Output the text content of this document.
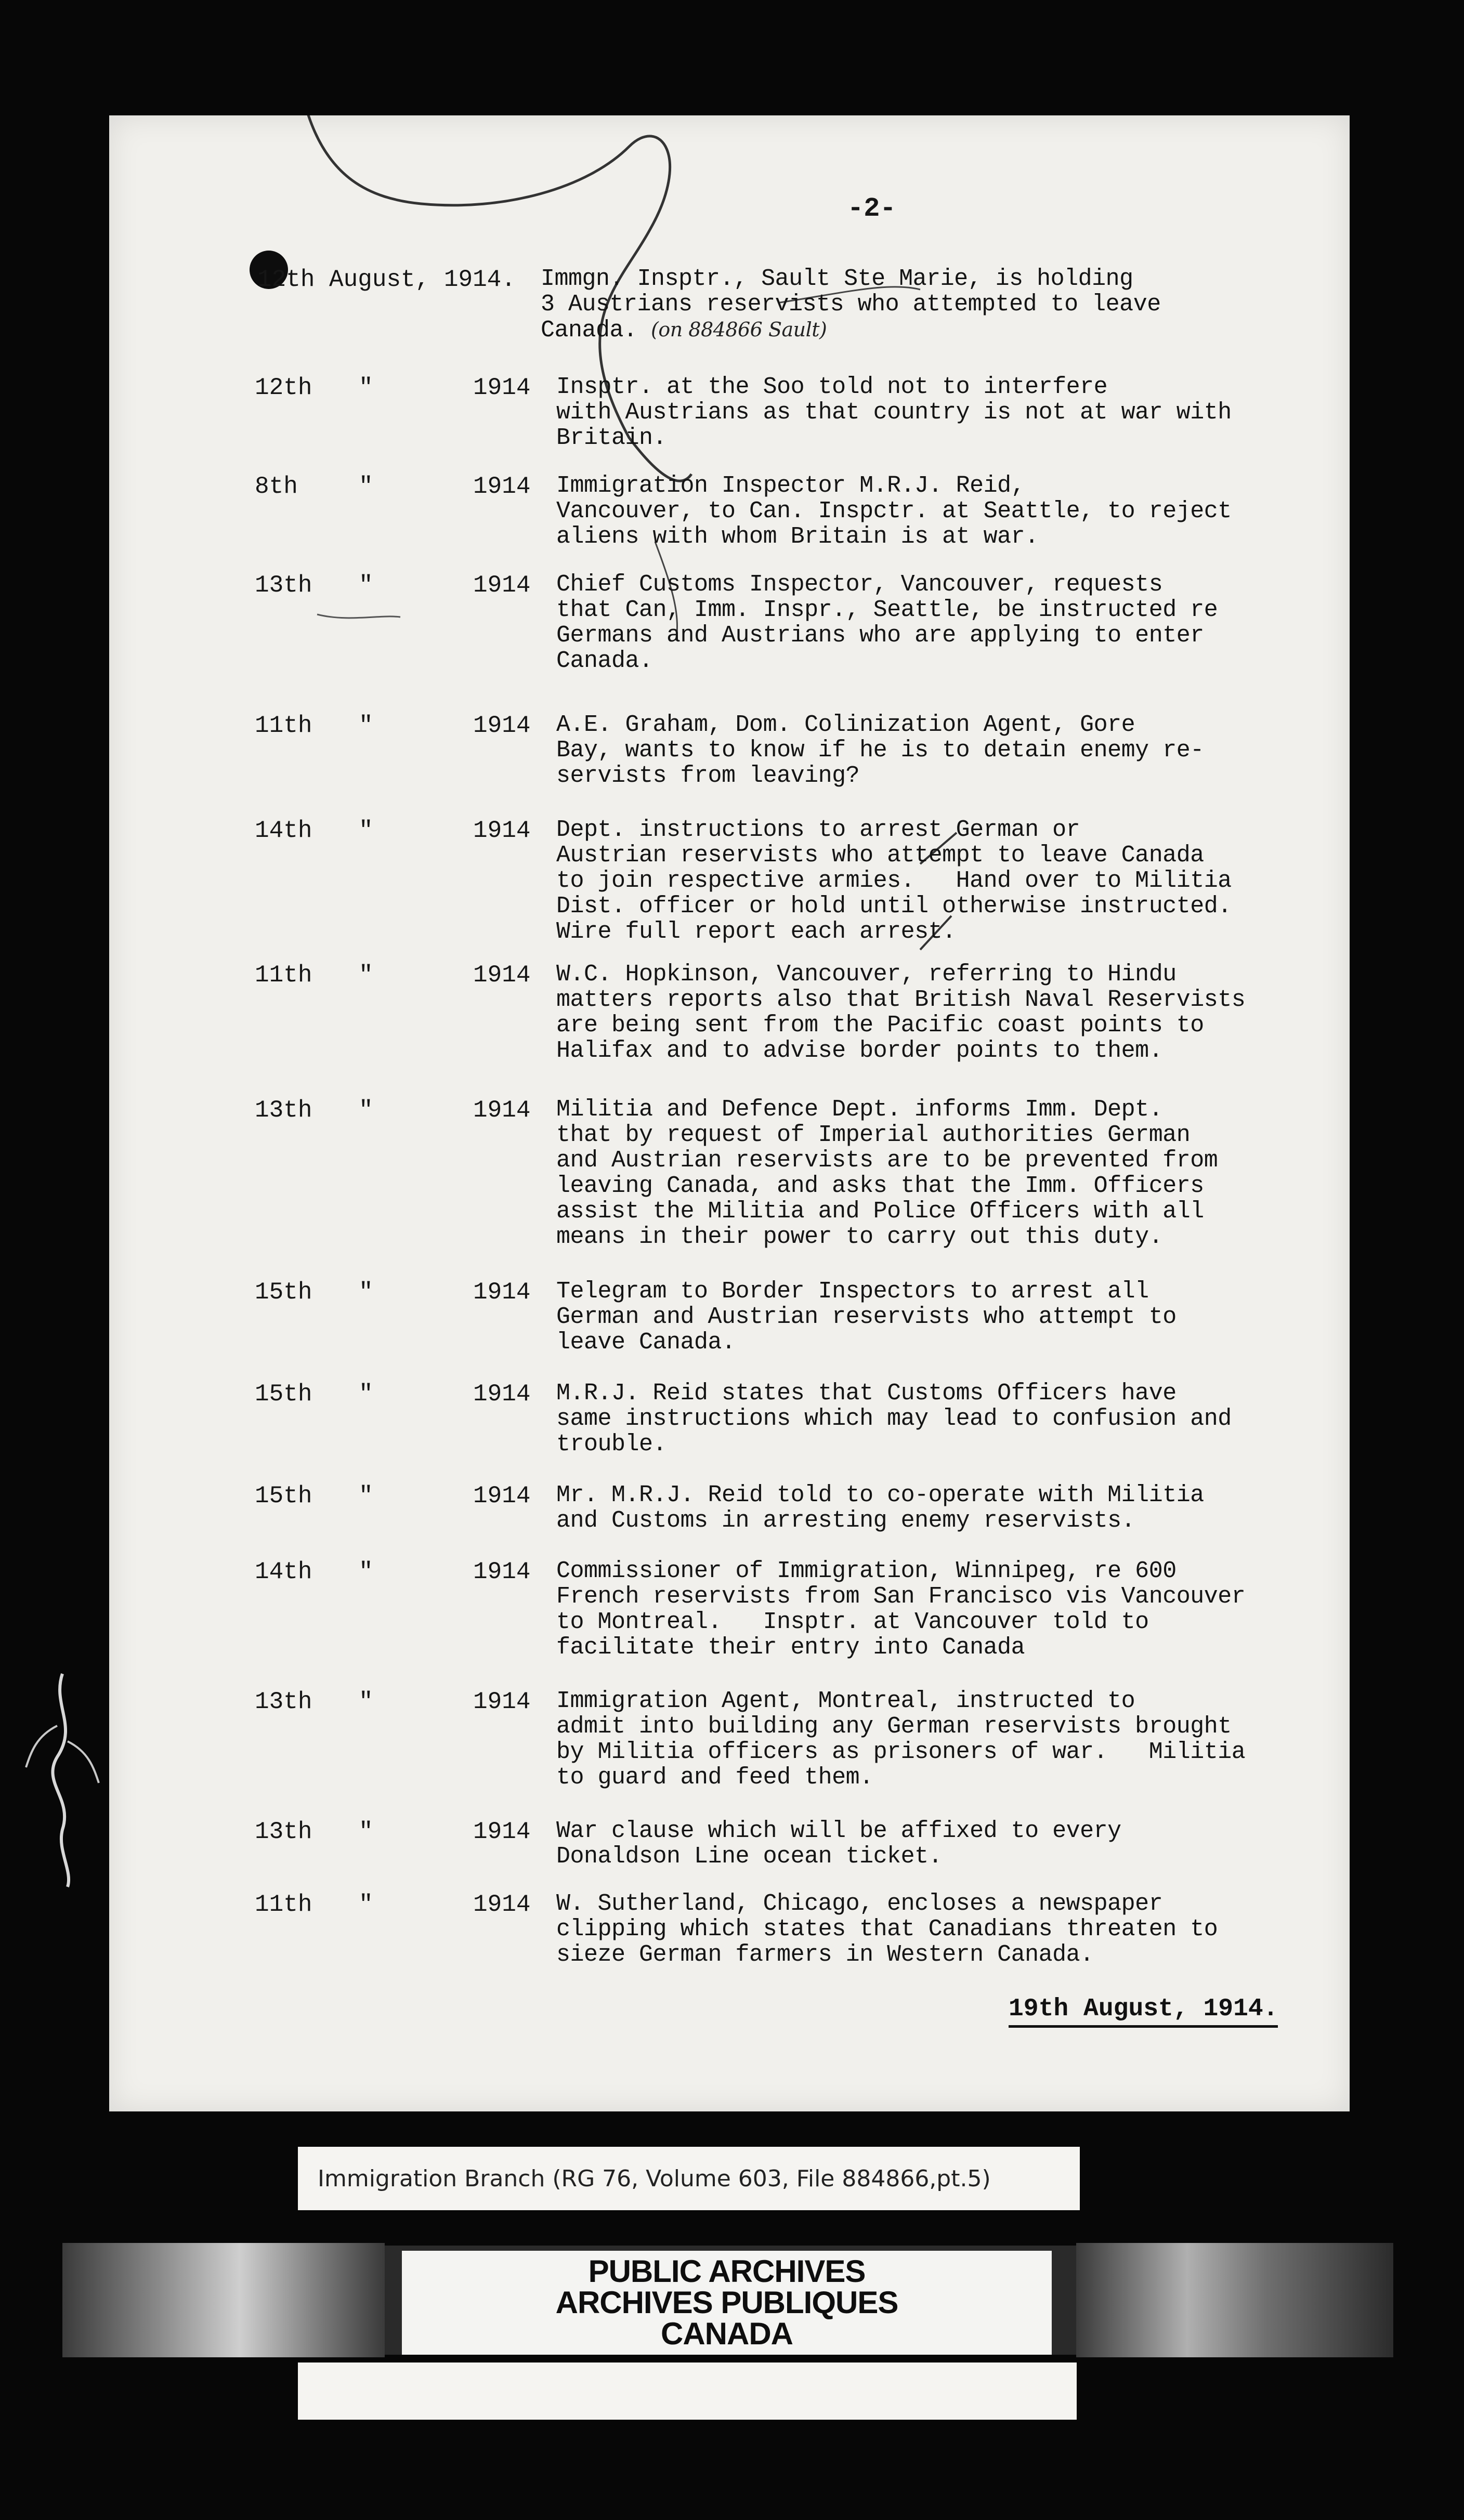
-2-
12th August, 1914. Immgn. Insptr., Sault Ste Marie, is holding
3 Austrians reservists who attempted to leave
Canada. (on 884866 Sault)
12th "	1914 Insptr. at the Soo told not to interfere
with Austrians as that country is not at war with
Britain.
8th	"	1914 Immigration Inspector M.R.J. Reid,
Vancouver, to Can. Inspctr. at Seattle, to reject
aliens with whom Britain is at war.
13th "	1914 Chief Customs Inspector, Vancouver, requests
that Can, Imm. Inspr., Seattle, be instructed re
Germans and Austrians who are applying to enter
Canada.
11th "	1914 A.E. Graham, Dom. Colinization Agent, Gore
Bay, wants to know if he is to detain enemy re-
servists from leaving?
14th "	1914 Dept. instructions to arrest German or
Austrian reservists who attempt to leave Canada
to join respective armies.   Hand over to Militia
Dist. officer or hold until otherwise instructed.
Wire full report each arrest.
11th "	1914 W.C. Hopkinson, Vancouver, referring to Hindu
matters reports also that British Naval Reservists
are being sent from the Pacific coast points to
Halifax and to advise border points to them.
13th "	1914 Militia and Defence Dept. informs Imm. Dept.
that by request of Imperial authorities German
and Austrian reservists are to be prevented from
leaving Canada, and asks that the Imm. Officers
assist the Militia and Police Officers with all
means in their power to carry out this duty.
15th "	1914 Telegram to Border Inspectors to arrest all
German and Austrian reservists who attempt to
leave Canada.
15th "	1914 M.R.J. Reid states that Customs Officers have
same instructions which may lead to confusion and
trouble.
15th "	1914 Mr. M.R.J. Reid told to co-operate with Militia
and Customs in arresting enemy reservists.
14th "	1914 Commissioner of Immigration, Winnipeg, re 600
French reservists from San Francisco vis Vancouver
to Montreal.   Insptr. at Vancouver told to
facilitate their entry into Canada
13th "	1914 Immigration Agent, Montreal, instructed to
admit into building any German reservists brought
by Militia officers as prisoners of war.   Militia
to guard and feed them.
13th "	1914 War clause which will be affixed to every
Donaldson Line ocean ticket.
11th "	1914 W. Sutherland, Chicago, encloses a newspaper
clipping which states that Canadians threaten to
sieze German farmers in Western Canada.
19th August, 1914.
Immigration Branch (RG 76, Volume 603, File 884866,pt.5)
PUBLIC ARCHIVES
ARCHIVES PUBLIQUES
CANADA
